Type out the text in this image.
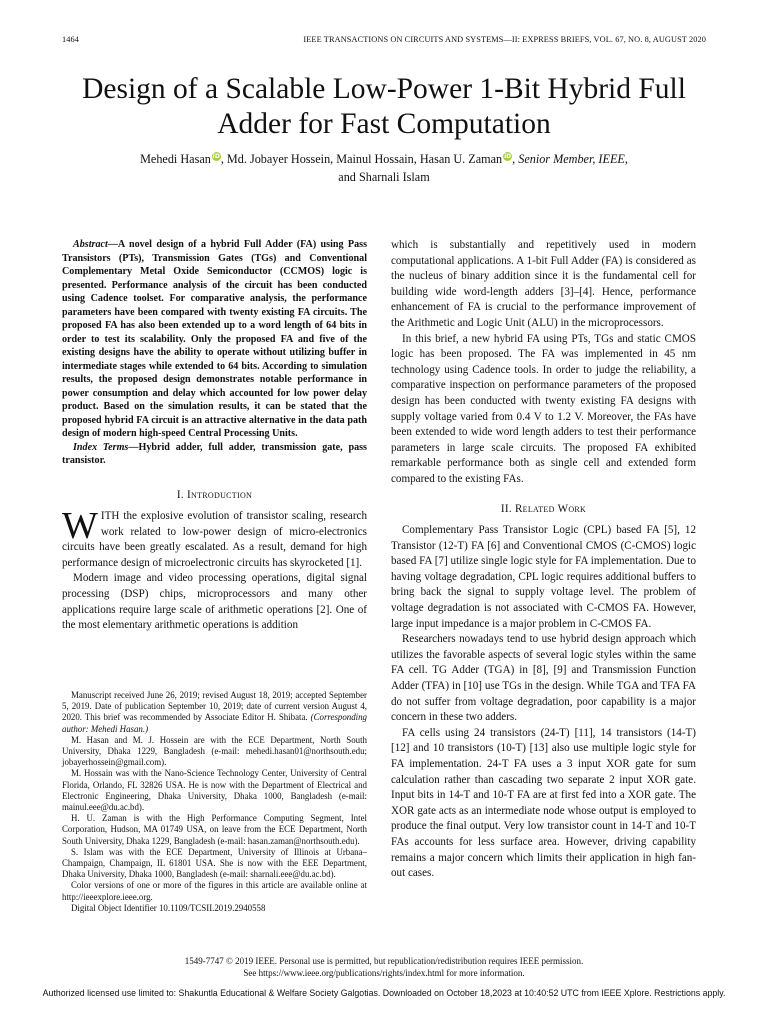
1464	IEEE TRANSACTIONS ON CIRCUITS AND SYSTEMS—II: EXPRESS BRIEFS, VOL. 67, NO. 8, AUGUST 2020
Design of a Scalable Low-Power 1-Bit Hybrid Full
Adder for Fast Computation
Mehedi Hasan iD, Md. Jobayer Hossein, Mainul Hossain, Hasan U. Zaman iD, Senior Member, IEEE,
and Sharnali Islam

Abstract—A novel design of a hybrid Full Adder (FA) using Pass Transistors (PTs), Transmission Gates (TGs) and Conventional Complementary Metal Oxide Semiconductor (CCMOS) logic is presented. Performance analysis of the circuit has been conducted using Cadence toolset. For comparative analysis, the performance parameters have been compared with twenty existing FA circuits. The proposed FA has also been extended up to a word length of 64 bits in order to test its scalability. Only the proposed FA and five of the existing designs have the ability to operate without utilizing buffer in intermediate stages while extended to 64 bits. According to simulation results, the proposed design demonstrates notable performance in power consumption and delay which accounted for low power delay product. Based on the simulation results, it can be stated that the proposed hybrid FA circuit is an attractive alternative in the data path design of modern high-speed Central Processing Units.

Index Terms—Hybrid adder, full adder, transmission gate, pass transistor.

I. Introduction

WITH the explosive evolution of transistor scaling, research work related to low-power design of micro-electronics circuits have been greatly escalated. As a result, demand for high performance design of microelectronic circuits has skyrocketed [1].

Modern image and video processing operations, digital signal processing (DSP) chips, microprocessors and many other applications require large scale of arithmetic operations [2]. One of the most elementary arithmetic operations is addition

Manuscript received June 26, 2019; revised August 18, 2019; accepted September 5, 2019. Date of publication September 10, 2019; date of current version August 4, 2020. This brief was recommended by Associate Editor H. Shibata. (Corresponding author: Mehedi Hasan.)

M. Hasan and M. J. Hossein are with the ECE Department, North South University, Dhaka 1229, Bangladesh (e-mail: mehedi.hasan01@northsouth.edu; jobayerhossein@gmail.com).

M. Hossain was with the Nano-Science Technology Center, University of Central Florida, Orlando, FL 32826 USA. He is now with the Department of Electrical and Electronic Engineering, Dhaka University, Dhaka 1000, Bangladesh (e-mail: mainul.eee@du.ac.bd).

H. U. Zaman is with the High Performance Computing Segment, Intel Corporation, Hudson, MA 01749 USA, on leave from the ECE Department, North South University, Dhaka 1229, Bangladesh (e-mail: hasan.zaman@northsouth.edu).

S. Islam was with the ECE Department, University of Illinois at Urbana–Champaign, Champaign, IL 61801 USA. She is now with the EEE Department, Dhaka University, Dhaka 1000, Bangladesh (e-mail: sharnali.eee@du.ac.bd).

Color versions of one or more of the figures in this article are available online at http://ieeexplore.ieee.org.

Digital Object Identifier 10.1109/TCSII.2019.2940558

which is substantially and repetitively used in modern computational applications. A 1-bit Full Adder (FA) is considered as the nucleus of binary addition since it is the fundamental cell for building wide word-length adders [3]–[4]. Hence, performance enhancement of FA is crucial to the performance improvement of the Arithmetic and Logic Unit (ALU) in the microprocessors.

In this brief, a new hybrid FA using PTs, TGs and static CMOS logic has been proposed. The FA was implemented in 45 nm technology using Cadence tools. In order to judge the reliability, a comparative inspection on performance parameters of the proposed design has been conducted with twenty existing FA designs with supply voltage varied from 0.4 V to 1.2 V. Moreover, the FAs have been extended to wide word length adders to test their performance parameters in large scale circuits. The proposed FA exhibited remarkable performance both as single cell and extended form compared to the existing FAs.

II. Related Work

Complementary Pass Transistor Logic (CPL) based FA [5], 12 Transistor (12-T) FA [6] and Conventional CMOS (C-CMOS) logic based FA [7] utilize single logic style for FA implementation. Due to having voltage degradation, CPL logic requires additional buffers to bring back the signal to supply voltage level. The problem of voltage degradation is not associated with C-CMOS FA. However, large input impedance is a major problem in C-CMOS FA.

Researchers nowadays tend to use hybrid design approach which utilizes the favorable aspects of several logic styles within the same FA cell. TG Adder (TGA) in [8], [9] and Transmission Function Adder (TFA) in [10] use TGs in the design. While TGA and TFA FA do not suffer from voltage degradation, poor capability is a major concern in these two adders.

FA cells using 24 transistors (24-T) [11], 14 transistors (14-T) [12] and 10 transistors (10-T) [13] also use multiple logic style for FA implementation. 24-T FA uses a 3 input XOR gate for sum calculation rather than cascading two separate 2 input XOR gate. Input bits in 14-T and 10-T FA are at first fed into a XOR gate. The XOR gate acts as an intermediate node whose output is employed to produce the final output. Very low transistor count in 14-T and 10-T FAs accounts for less surface area. However, driving capability remains a major concern which limits their application in high fan-out cases.

1549-7747 © 2019 IEEE. Personal use is permitted, but republication/redistribution requires IEEE permission.
See https://www.ieee.org/publications/rights/index.html for more information.
Authorized licensed use limited to: Shakuntla Educational & Welfare Society Galgotias. Downloaded on October 18,2023 at 10:40:52 UTC from IEEE Xplore. Restrictions apply.
